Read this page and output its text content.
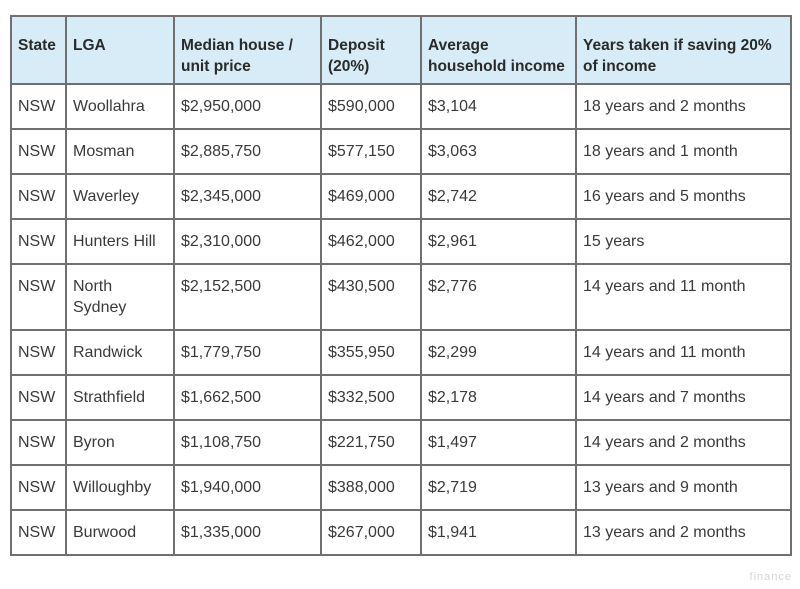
State	LGA	Median house / unit price	Deposit (20%)	Average household income	Years taken if saving 20% of income
NSW	Woollahra	$2,950,000	$590,000	$3,104	18 years and 2 months
NSW	Mosman	$2,885,750	$577,150	$3,063	18 years and 1 month
NSW	Waverley	$2,345,000	$469,000	$2,742	16 years and 5 months
NSW	Hunters Hill	$2,310,000	$462,000	$2,961	15 years
NSW	North Sydney	$2,152,500	$430,500	$2,776	14 years and 11 month
NSW	Randwick	$1,779,750	$355,950	$2,299	14 years and 11 month
NSW	Strathfield	$1,662,500	$332,500	$2,178	14 years and 7 months
NSW	Byron	$1,108,750	$221,750	$1,497	14 years and 2 months
NSW	Willoughby	$1,940,000	$388,000	$2,719	13 years and 9 month
NSW	Burwood	$1,335,000	$267,000	$1,941	13 years and 2 months
finance
